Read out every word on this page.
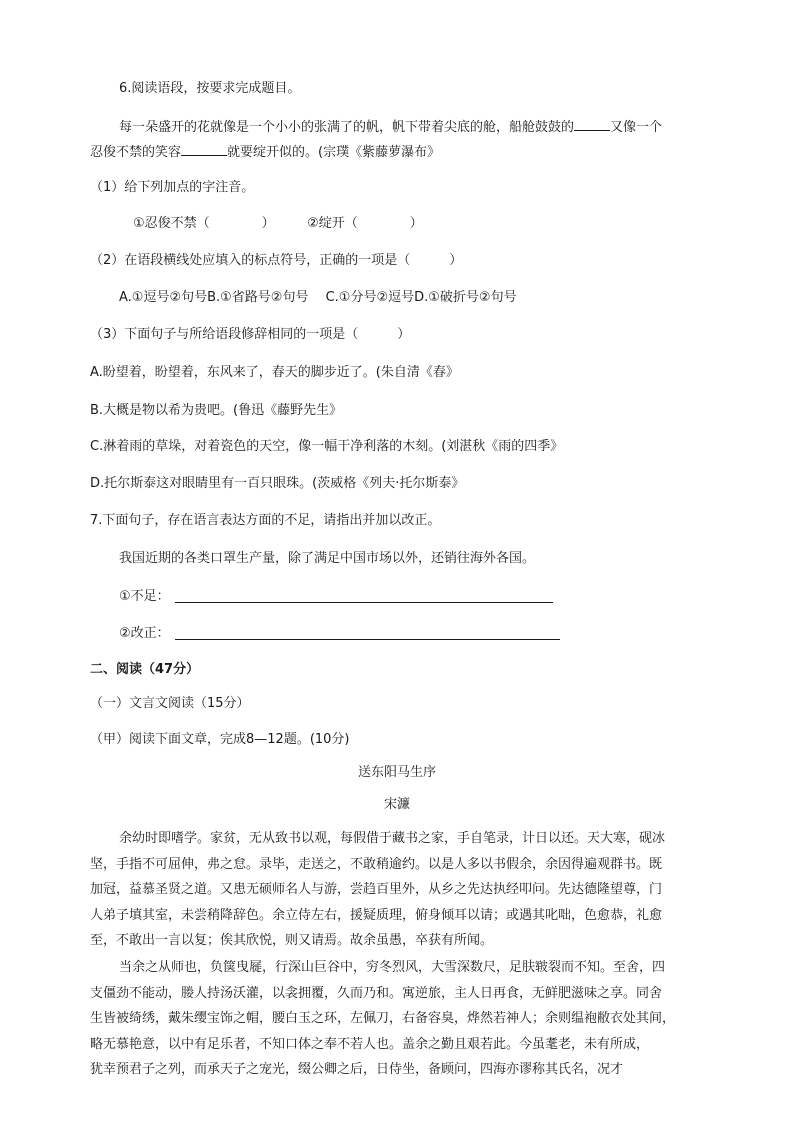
6.阅读语段，按要求完成题目。
每一朵盛开的花就像是一个小小的张满了的帆，帆下带着尖底的舱，船舱鼓鼓的	又像一个
忍俊不禁的笑容	就要绽开似的。(宗璞《紫藤萝瀑布》
（1）给下列加点的字注音。
①忍俊不禁（　　　　）　　　②绽开（　　　　）
（2）在语段横线处应填入的标点符号，正确的一项是（　　　）
A.①逗号②句号B.①省路号②句号　 C.①分号②逗号D.①破折号②句号
（3）下面句子与所给语段修辞相同的一项是（　　　）
A.盼望着，盼望着，东风来了，春天的脚步近了。(朱自清《春》
B.大概是物以希为贵吧。(鲁迅《藤野先生》
C.淋着雨的草垛，对着瓷色的天空，像一幅干净利落的木刻。(刘湛秋《雨的四季》
D.托尔斯泰这对眼睛里有一百只眼珠。(茨威格《列夫·托尔斯泰》
7.下面句子，存在语言表达方面的不足，请指出并加以改正。
我国近期的各类口罩生产量，除了满足中国市场以外，还销往海外各国。
①不足：
②改正：
二、阅读（47分）
（一）文言文阅读（15分）
（甲）阅读下面文章，完成8—12题。(10分)
送东阳马生序
宋濂

余幼时即嗜学。家贫，无从致书以观，每假借于藏书之家，手自笔录，计日以还。天大寒，砚冰

坚，手指不可屈伸，弗之怠。录毕，走送之，不敢稍逾约。以是人多以书假余，余因得遍观群书。既

加冠，益慕圣贤之道。又患无硕师名人与游，尝趋百里外，从乡之先达执经叩问。先达德隆望尊，门

人弟子填其室，未尝稍降辞色。余立侍左右，援疑质理，俯身倾耳以请；或遇其叱咄，色愈恭，礼愈

至，不敢出一言以复；俟其欣悦，则又请焉。故余虽愚，卒获有所闻。

当余之从师也，负箧曳屣，行深山巨谷中，穷冬烈风，大雪深数尺，足肤皲裂而不知。至舍，四

支僵劲不能动，媵人持汤沃灌，以衾拥覆，久而乃和。寓逆旅，主人日再食，无鲜肥滋味之享。同舍

生皆被绮绣，戴朱缨宝饰之帽，腰白玉之环，左佩刀，右备容臭，烨然若神人；余则缊袍敝衣处其间，

略无慕艳意，以中有足乐者，不知口体之奉不若人也。盖余之勤且艰若此。今虽耄老，未有所成，

犹幸预君子之列，而承天子之宠光，缀公卿之后，日侍坐，备顾问，四海亦谬称其氏名，况才
